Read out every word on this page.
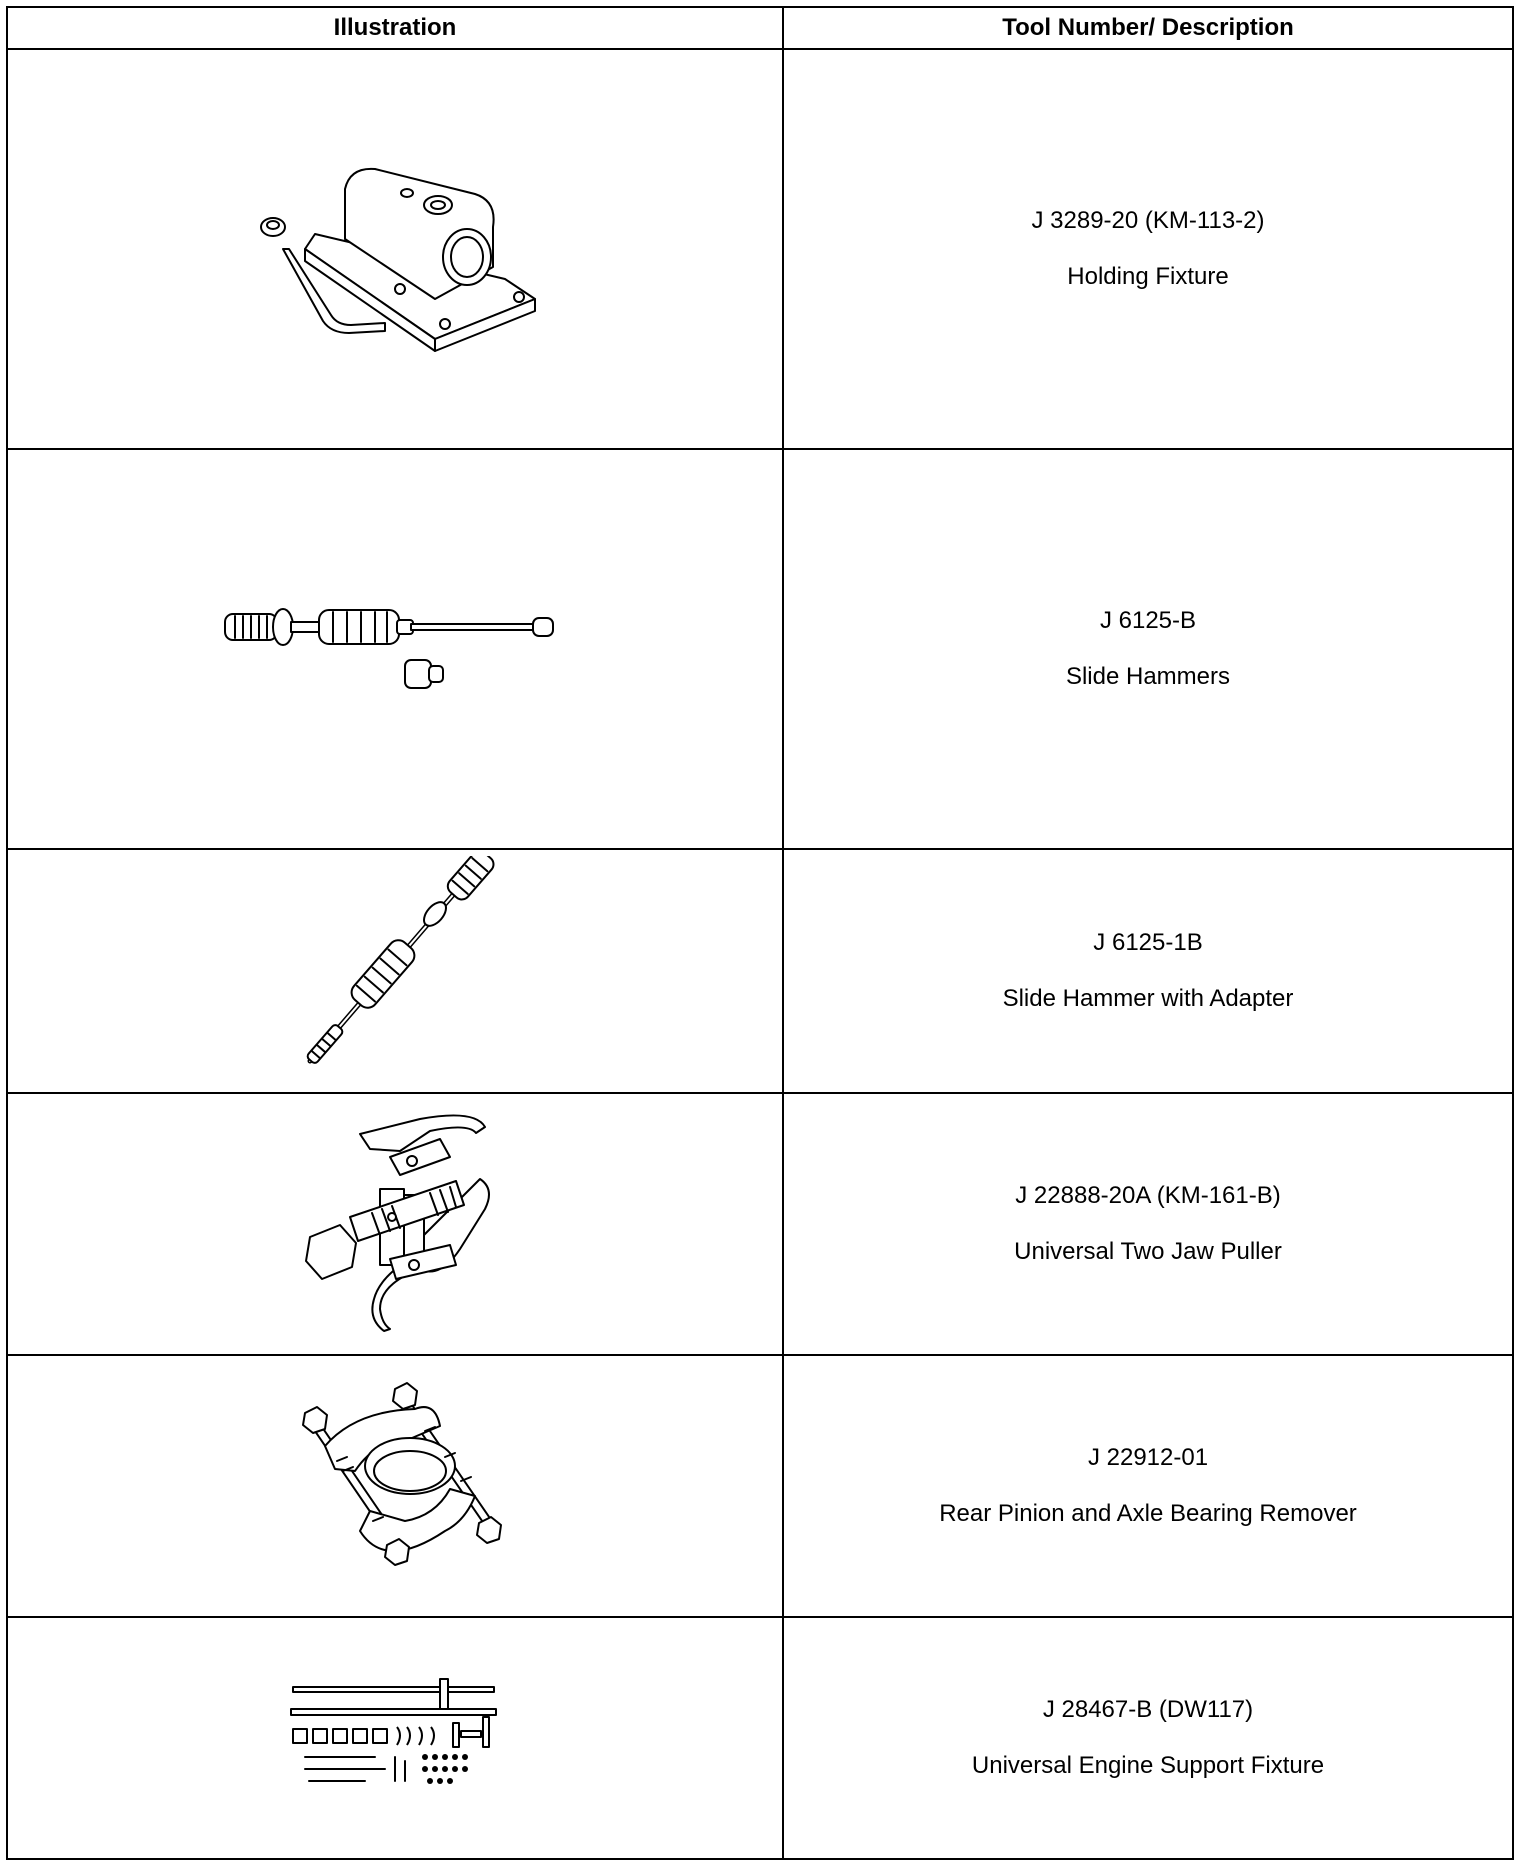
Illustration	Tool Number/ Description

J 3289-20 (KM-113-2)
Holding Fixture

J 6125-B
Slide Hammers

J 6125-1B
Slide Hammer with Adapter

J 22888-20A (KM-161-B)
Universal Two Jaw Puller

J 22912-01
Rear Pinion and Axle Bearing Remover

J 28467-B (DW117)
Universal Engine Support Fixture
